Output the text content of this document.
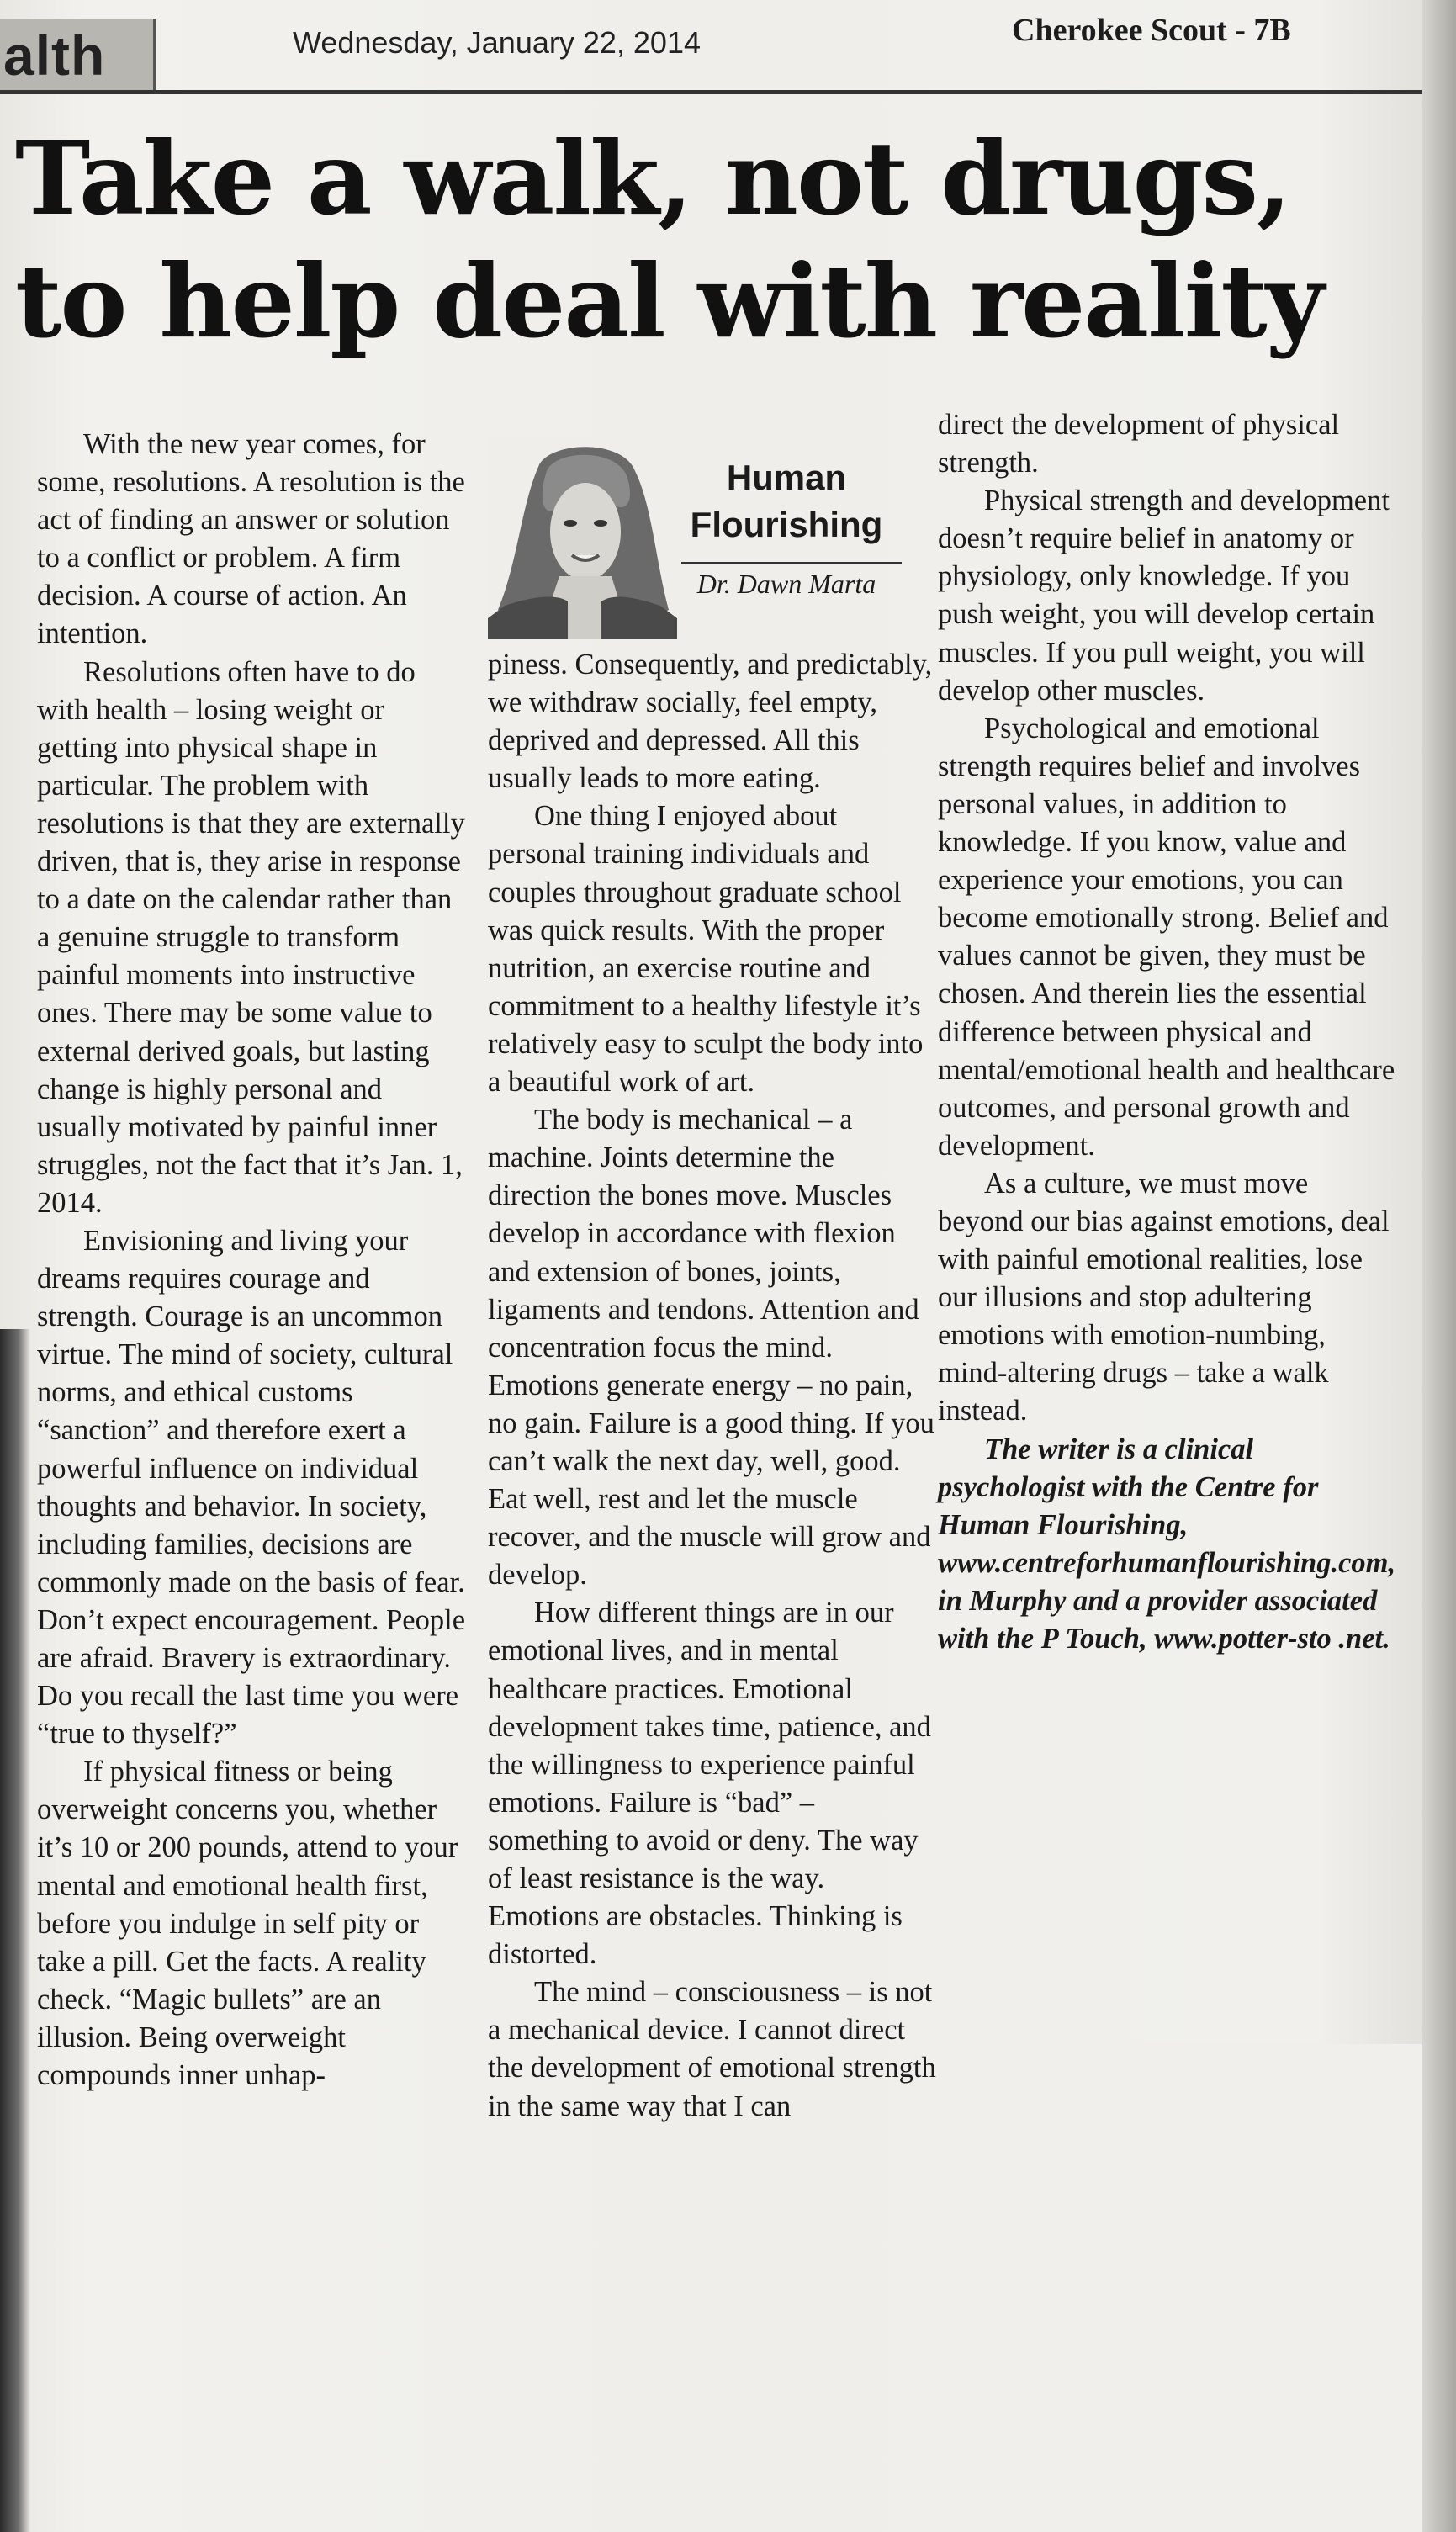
alth	Wednesday, January 22, 2014	Cherokee Scout - 7B
Take a walk, not drugs,
to help deal with reality
Human
Flourishing
Dr. Dawn Marta

With the new year comes, for some, resolutions. A resolution is the act of finding an answer or solution to a conflict or problem. A firm decision. A course of action. An intention.

Resolutions often have to do with health – losing weight or getting into physical shape in particular. The problem with resolutions is that they are externally driven, that is, they arise in response to a date on the calendar rather than a genuine struggle to transform painful moments into instructive ones. There may be some value to external derived goals, but lasting change is highly personal and usually motivated by painful inner struggles, not the fact that it’s Jan. 1, 2014.

Envisioning and living your dreams requires courage and strength. Courage is an uncommon virtue. The mind of society, cultural norms, and ethical customs “sanction” and therefore exert a powerful influence on individual thoughts and behavior. In society, including families, decisions are commonly made on the basis of fear. Don’t expect encouragement. People are afraid. Bravery is extraordinary. Do you recall the last time you were “true to thyself?”

If physical fitness or being overweight concerns you, whether it’s 10 or 200 pounds, attend to your mental and emotional health first, before you indulge in self pity or take a pill. Get the facts. A reality check. “Magic bullets” are an illusion. Being overweight compounds inner unhap-

piness. Consequently, and predictably, we withdraw socially, feel empty, deprived and depressed. All this usually leads to more eating.

One thing I enjoyed about personal training individuals and couples throughout graduate school was quick results. With the proper nutrition, an exercise routine and commitment to a healthy lifestyle it’s relatively easy to sculpt the body into a beautiful work of art.

The body is mechanical – a machine. Joints determine the direction the bones move. Muscles develop in accordance with flexion and extension of bones, joints, ligaments and tendons. Attention and concentration focus the mind. Emotions generate energy – no pain, no gain. Failure is a good thing. If you can’t walk the next day, well, good. Eat well, rest and let the muscle recover, and the muscle will grow and develop.

How different things are in our emotional lives, and in mental healthcare practices. Emotional development takes time, patience, and the willingness to experience painful emotions. Failure is “bad” – something to avoid or deny. The way of least resistance is the way. Emotions are obstacles. Thinking is distorted.

The mind – consciousness – is not a mechanical device. I cannot direct the development of emotional strength in the same way that I can

direct the development of physical strength.

Physical strength and development doesn’t require belief in anatomy or physiology, only knowledge. If you push weight, you will develop certain muscles. If you pull weight, you will develop other muscles.

Psychological and emotional strength requires belief and involves personal values, in addition to knowledge. If you know, value and experience your emotions, you can become emotionally strong. Belief and values cannot be given, they must be chosen. And therein lies the essential difference between physical and mental/emotional health and healthcare outcomes, and personal growth and development.

As a culture, we must move beyond our bias against emotions, deal with painful emotional realities, lose our illusions and stop adultering emotions with emotion-numbing, mind-altering drugs – take a walk instead.

The writer is a clinical psychologist with the Centre for Human Flourishing, www.centreforhumanflourishing.com, in Murphy and a provider associated with the P Touch, www.potter-sto .net.
